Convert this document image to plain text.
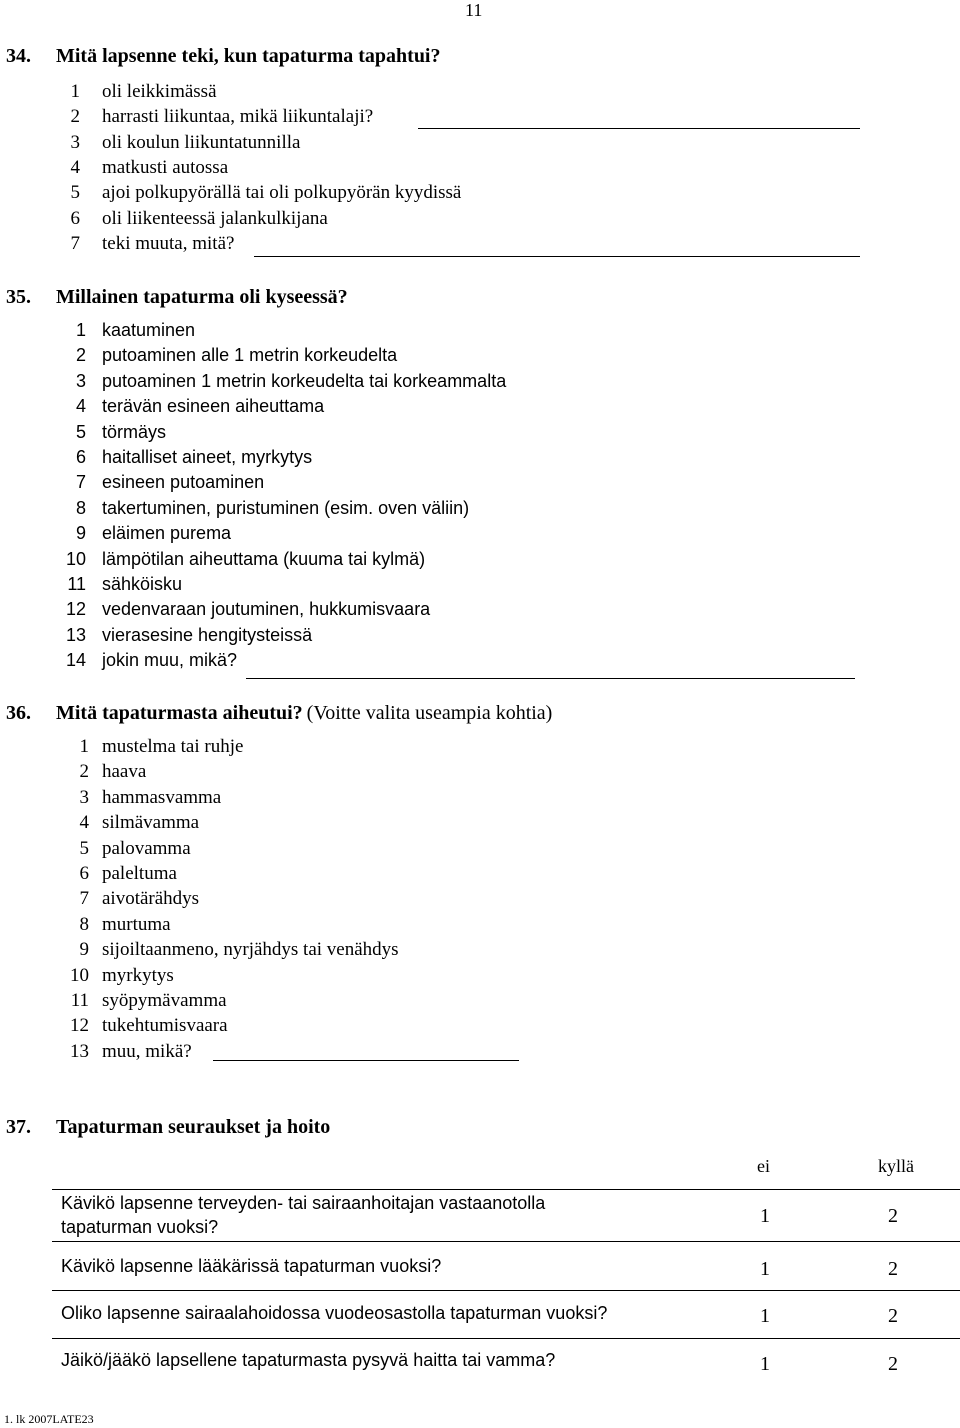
11
34. Mitä lapsenne teki, kun tapaturma tapahtui?
1 oli leikkimässä
2 harrasti liikuntaa, mikä liikuntalaji?
3 oli koulun liikuntatunnilla
4 matkusti autossa
5 ajoi polkupyörällä tai oli polkupyörän kyydissä
6 oli liikenteessä jalankulkijana
7 teki muuta, mitä?
35. Millainen tapaturma oli kyseessä?
1 kaatuminen
2 putoaminen alle 1 metrin korkeudelta
3 putoaminen 1 metrin korkeudelta tai korkeammalta
4 terävän esineen aiheuttama
5 törmäys
6 haitalliset aineet, myrkytys
7 esineen putoaminen
8 takertuminen, puristuminen (esim. oven väliin)
9 eläimen purema
10 lämpötilan aiheuttama (kuuma tai kylmä)
11 sähköisku
12 vedenvaraan joutuminen, hukkumisvaara
13 vierasesine hengitysteissä
14 jokin muu, mikä?
36. Mitä tapaturmasta aiheutui? (Voitte valita useampia kohtia)
1 mustelma tai ruhje
2 haava
3 hammasvamma
4 silmävamma
5 palovamma
6 paleltuma
7 aivotärähdys
8 murtuma
9 sijoiltaanmeno, nyrjähdys tai venähdys
10 myrkytys
11 syöpymävamma
12 tukehtumisvaara
13 muu, mikä?
37. Tapaturman seuraukset ja hoito
ei	kyllä
Kävikö lapsenne terveyden- tai sairaanhoitajan vastaanotolla
tapaturman vuoksi?	1	2
Kävikö lapsenne lääkärissä tapaturman vuoksi?	1	2
Oliko lapsenne sairaalahoidossa vuodeosastolla tapaturman vuoksi?	1	2
Jäikö/jääkö lapsellene tapaturmasta pysyvä haitta tai vamma?	1	2
1. lk 2007LATE23
